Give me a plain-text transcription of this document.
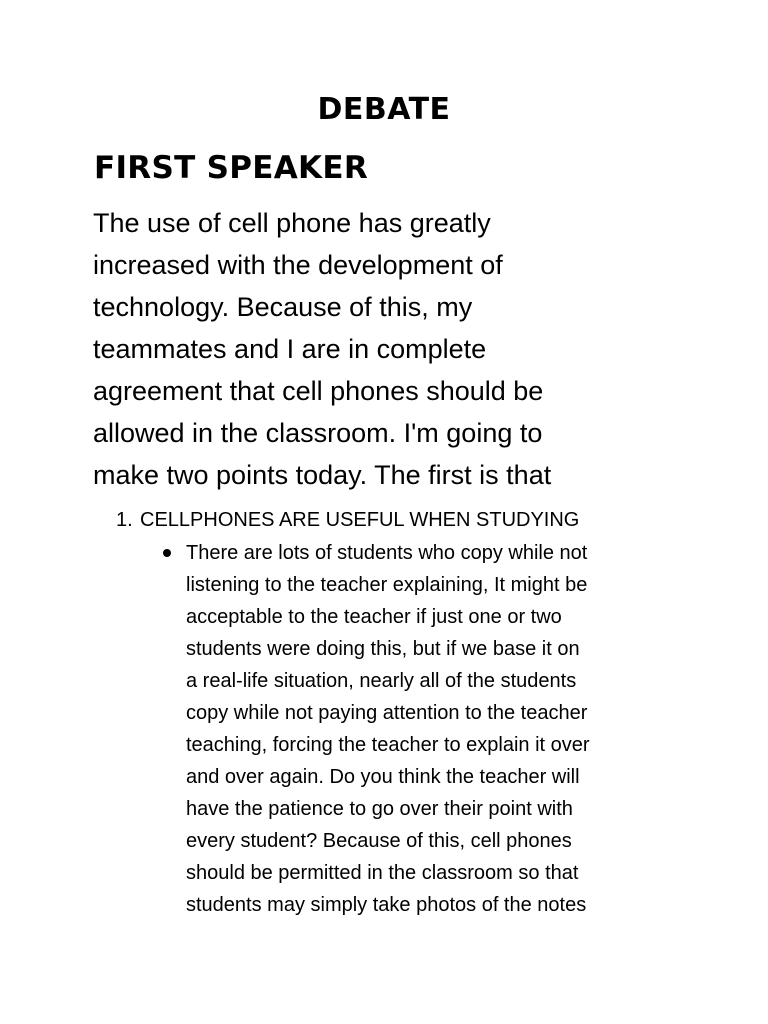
DEBATE
FIRST SPEAKER
The use of cell phone has greatly
increased with the development of
technology. Because of this, my
teammates and I are in complete
agreement that cell phones should be
allowed in the classroom. I'm going to
make two points today. The first is that
1. CELLPHONES ARE USEFUL WHEN STUDYING
There are lots of students who copy while not
listening to the teacher explaining, It might be
acceptable to the teacher if just one or two
students were doing this, but if we base it on
a real-life situation, nearly all of the students
copy while not paying attention to the teacher
teaching, forcing the teacher to explain it over
and over again. Do you think the teacher will
have the patience to go over their point with
every student? Because of this, cell phones
should be permitted in the classroom so that
students may simply take photos of the notes
